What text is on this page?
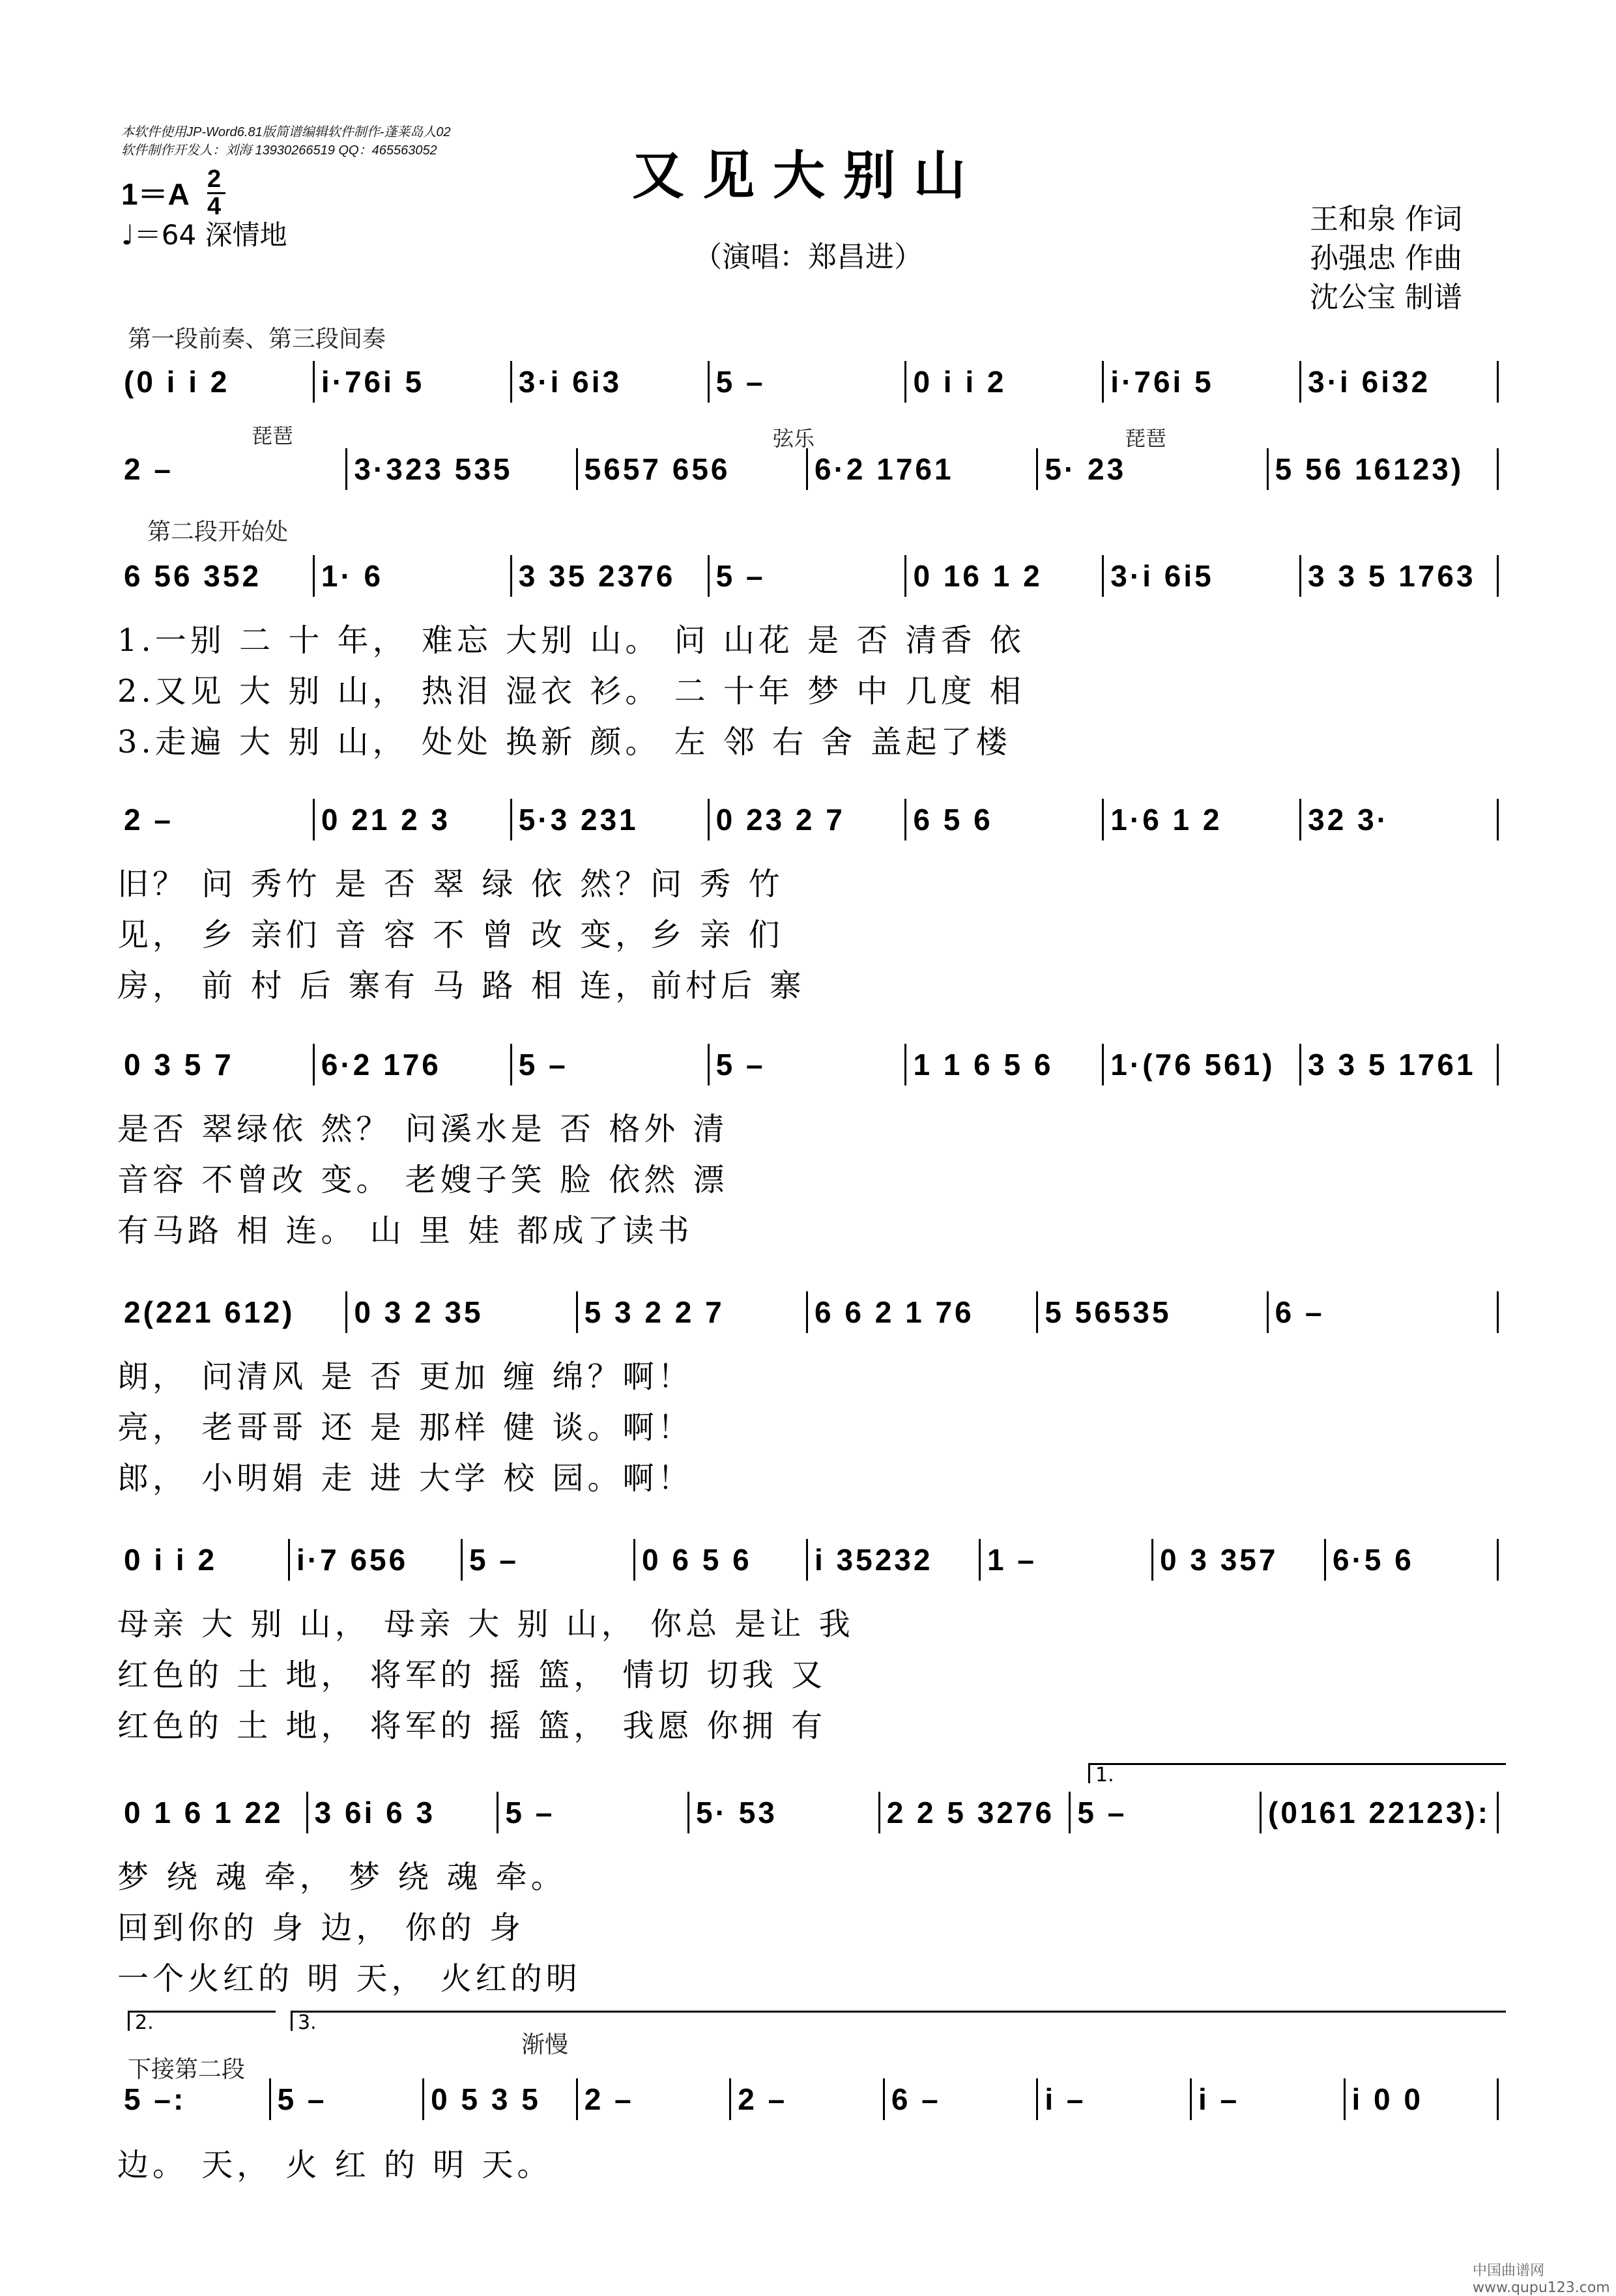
本软件使用JP-Word6.81版简谱编辑软件制作-蓬莱岛人02
软件制作开发人：刘海 13930266519 QQ：465563052	又见大别山
（演唱：郑昌进）
1＝A 2
4
♩＝64 深情地	王和泉 作词
孙强忠 作曲
沈公宝 制谱
第一段前奏、第三段间奏
第二段开始处
下接第二段
渐慢
琵琶	弦乐	琵琶
(0 i i 2	i·76i 5	3·i 6i3	5 –	0 i i 2	i·76i 5	3·i 6i32
2 –	3·323 535	5657 656	6·2 1761	5· 23	5 56 16123)
6 56 352	1· 6	3 35 2376	5 –	0 16 1 2	3·i 6i5	3 3 5 1763
2 –	0 21 2 3	5·3 231	0 23 2 7	6 5 6	1·6 1 2	32 3·
0 3 5 7	6·2 176	5 –	5 –	1 1 6 5 6	1·(76 561)	3 3 5 1761
2(221 612)	0 3 2 35	5 3 2 2 7	6 6 2 1 76	5 56535	6 –
0 i i 2	i·7 656	5 –	0 6 5 6	i 35232	1 –	0 3 357	6·5 6
0 1 6 1 22	3 6i 6 3	5 –	5· 53	2 2 5 3276 5 –	(0161 22123):
5 –:	5 –	0 5 3 5	2 –	2 –	6 –	i –	i –	i 0 0
1.
2.	3.
1.一别 二 十 年， 难忘 大别 山。 问 山花 是 否 清香 依
2.又见 大 别 山， 热泪 湿衣 衫。 二 十年 梦 中 几度 相
3.走遍 大 别 山， 处处 换新 颜。 左 邻 右 舍 盖起了楼
旧？ 问 秀竹 是 否 翠 绿 依 然？问 秀 竹
见， 乡 亲们 音 容 不 曾 改 变，乡 亲 们
房， 前 村 后 寨有 马 路 相 连，前村后 寨
是否 翠绿依 然？ 问溪水是 否 格外 清
音容 不曾改 变。 老嫂子笑 脸 依然 漂
有马路 相 连。 山 里 娃 都成了读书
朗， 问清风 是 否 更加 缠 绵？啊！
亮， 老哥哥 还 是 那样 健 谈。啊！
郎， 小明娟 走 进 大学 校 园。啊！
母亲 大 别 山， 母亲 大 别 山， 你总 是让 我
红色的 土 地， 将军的 摇 篮， 情切 切我 又
红色的 土 地， 将军的 摇 篮， 我愿 你拥 有
梦 绕 魂 牵， 梦 绕 魂 牵。
回到你的 身 边， 你的 身
一个火红的 明 天， 火红的明
边。 天， 火 红 的 明 天。
中国曲谱网 www.qupu123.com
